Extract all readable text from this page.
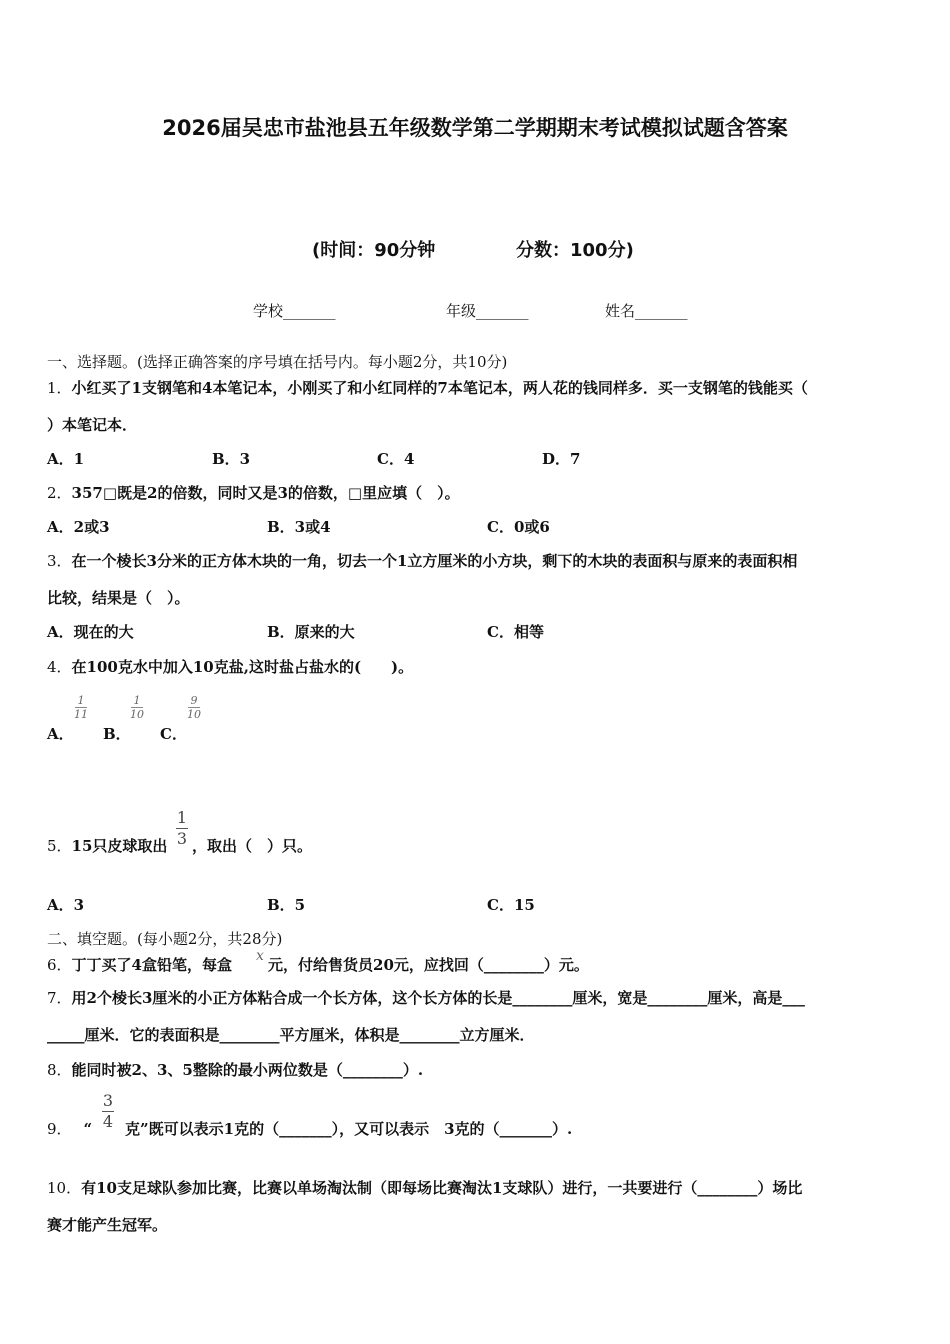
2026届吴忠市盐池县五年级数学第二学期期末考试模拟试题含答案
(时间：90分钟	分数：100分)
学校_______	年级_______	姓名_______
一、选择题。(选择正确答案的序号填在括号内。每小题2分，共10分)
1．小红买了1支钢笔和4本笔记本，小刚买了和小红同样的7本笔记本，两人花的钱同样多．买一支钢笔的钱能买（
）本笔记本．
A．1	B．3	C．4	D．7
2．357□既是2的倍数，同时又是3的倍数，□里应填（　）。
A．2或3	B．3或4	C．0或6
3．在一个棱长3分米的正方体木块的一角，切去一个1立方厘米的小方块，剩下的木块的表面积与原来的表面积相
比较，结果是（　）。
A．现在的大	B．原来的大	C．相等
4．在100克水中加入10克盐,这时盐占盐水的(　　)。
1
11
1
10
9
10
A． B． C．
5．15只皮球取出
1
3 ，取出（　）只。
A．3	B．5	C．15
二、填空题。(每小题2分，共28分)
6．丁丁买了4盒铅笔，每盒 x 元，付给售货员20元，应找回（________）元。
7．用2个棱长3厘米的小正方体粘合成一个长方体，这个长方体的长是________厘米，宽是________厘米，高是___
_____厘米．它的表面积是________平方厘米，体积是________立方厘米．
8．能同时被2、3、5整除的最小两位数是（________）.
9． “
3
4 克”既可以表示1克的（_______），又可以表示　3克的（_______）.
10．有10支足球队参加比赛，比赛以单场淘汰制（即每场比赛淘汰1支球队）进行，一共要进行（________）场比
赛才能产生冠军。
